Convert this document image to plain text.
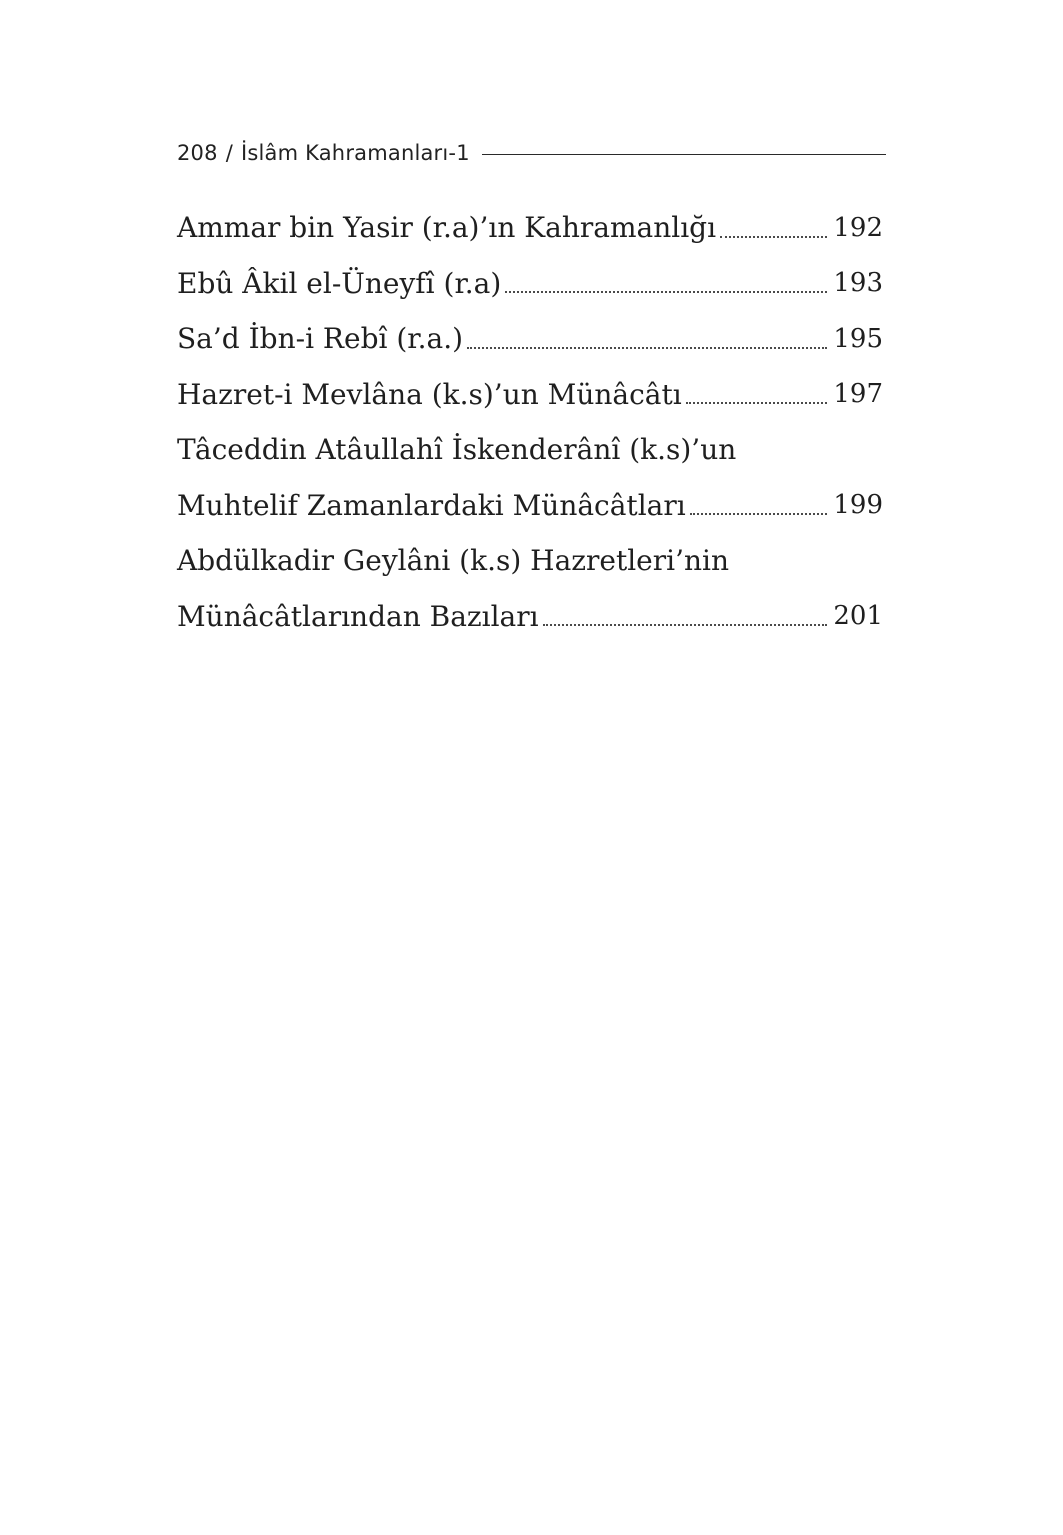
208 / İslâm Kahramanları-1
Ammar bin Yasir (r.a)’ın Kahramanlığı	192
Ebû Âkil el-Üneyfî (r.a)	193
Sa’d İbn-i Rebî (r.a.)	195
Hazret-i Mevlâna (k.s)’un Münâcâtı	197
Tâceddin Atâullahî İskenderânî (k.s)’un
Muhtelif Zamanlardaki Münâcâtları	199
Abdülkadir Geylâni (k.s) Hazretleri’nin
Münâcâtlarından Bazıları	201
